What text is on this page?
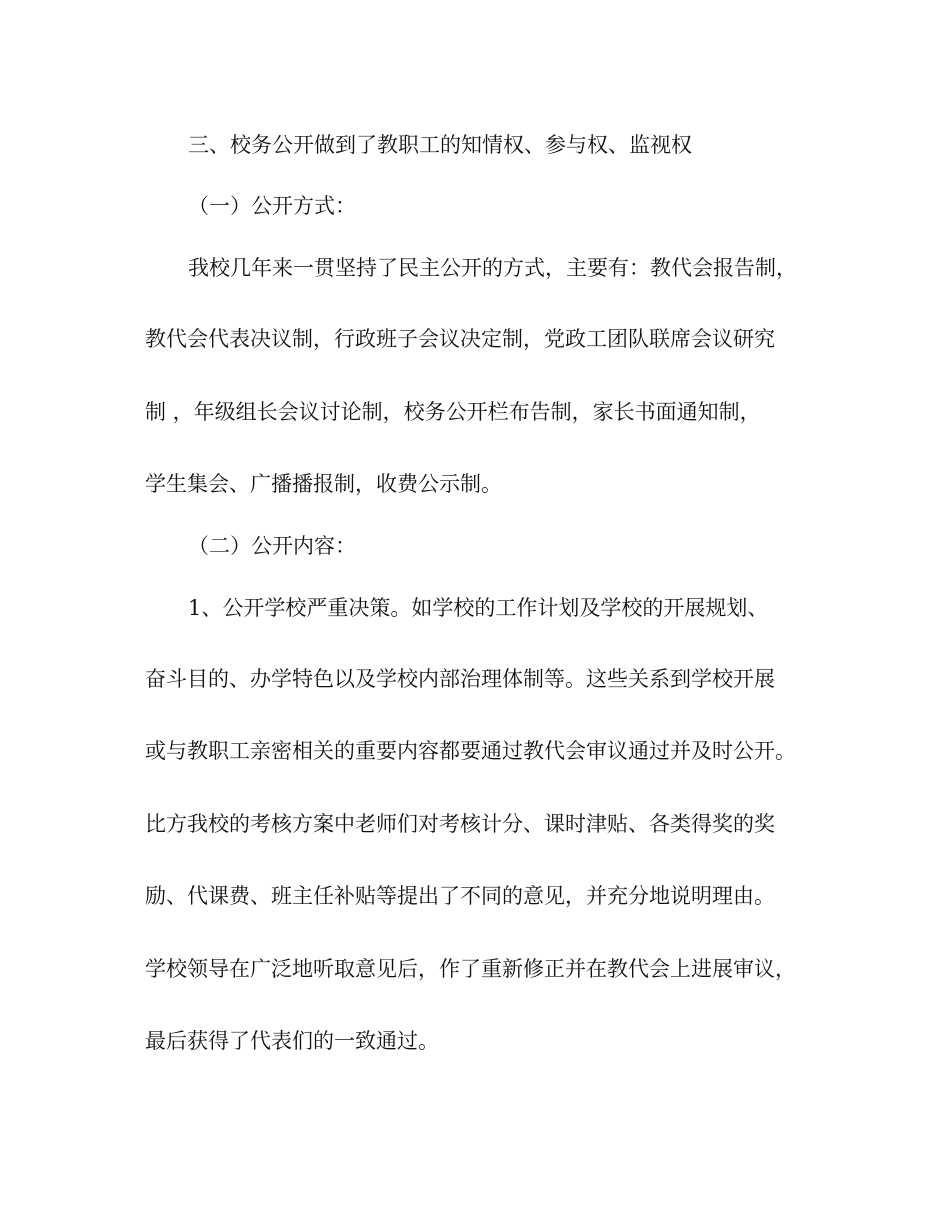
三、校务公开做到了教职工的知情权、参与权、监视权

（一）公开方式：

我校几年来一贯坚持了民主公开的方式，主要有：教代会报告制，

教代会代表决议制，行政班子会议决定制，党政工团队联席会议研究

制 ，年级组长会议讨论制，校务公开栏布告制，家长书面通知制，

学生集会、广播播报制，收费公示制。

（二）公开内容：

1、公开学校严重决策。如学校的工作计划及学校的开展规划、

奋斗目的、办学特色以及学校内部治理体制等。这些关系到学校开展

或与教职工亲密相关的重要内容都要通过教代会审议通过并及时公开。

比方我校的考核方案中老师们对考核计分、课时津贴、各类得奖的奖

励、代课费、班主任补贴等提出了不同的意见，并充分地说明理由。

学校领导在广泛地听取意见后，作了重新修正并在教代会上进展审议，

最后获得了代表们的一致通过。
